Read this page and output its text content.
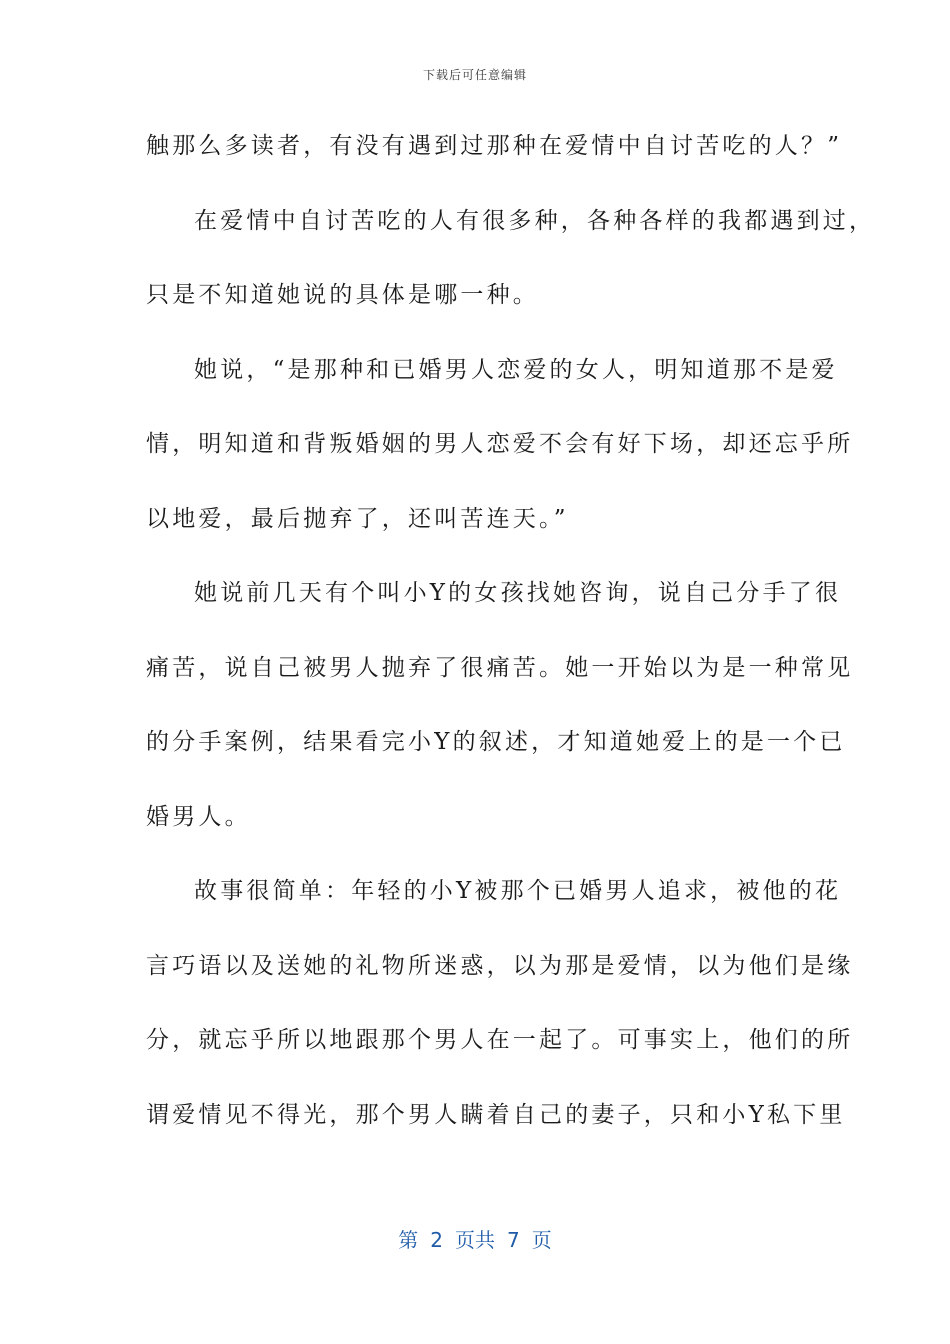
下载后可任意编辑
触那么多读者，有没有遇到过那种在爱情中自讨苦吃的人？”
在爱情中自讨苦吃的人有很多种，各种各样的我都遇到过，
只是不知道她说的具体是哪一种。
她说，“是那种和已婚男人恋爱的女人，明知道那不是爱
情，明知道和背叛婚姻的男人恋爱不会有好下场，却还忘乎所
以地爱，最后抛弃了，还叫苦连天。”
她说前几天有个叫小Y的女孩找她咨询，说自己分手了很
痛苦，说自己被男人抛弃了很痛苦。她一开始以为是一种常见
的分手案例，结果看完小Y的叙述，才知道她爱上的是一个已
婚男人。
故事很简单：年轻的小Y被那个已婚男人追求，被他的花
言巧语以及送她的礼物所迷惑，以为那是爱情，以为他们是缘
分，就忘乎所以地跟那个男人在一起了。可事实上，他们的所
谓爱情见不得光，那个男人瞒着自己的妻子，只和小Y私下里
第 2 页共 7 页
